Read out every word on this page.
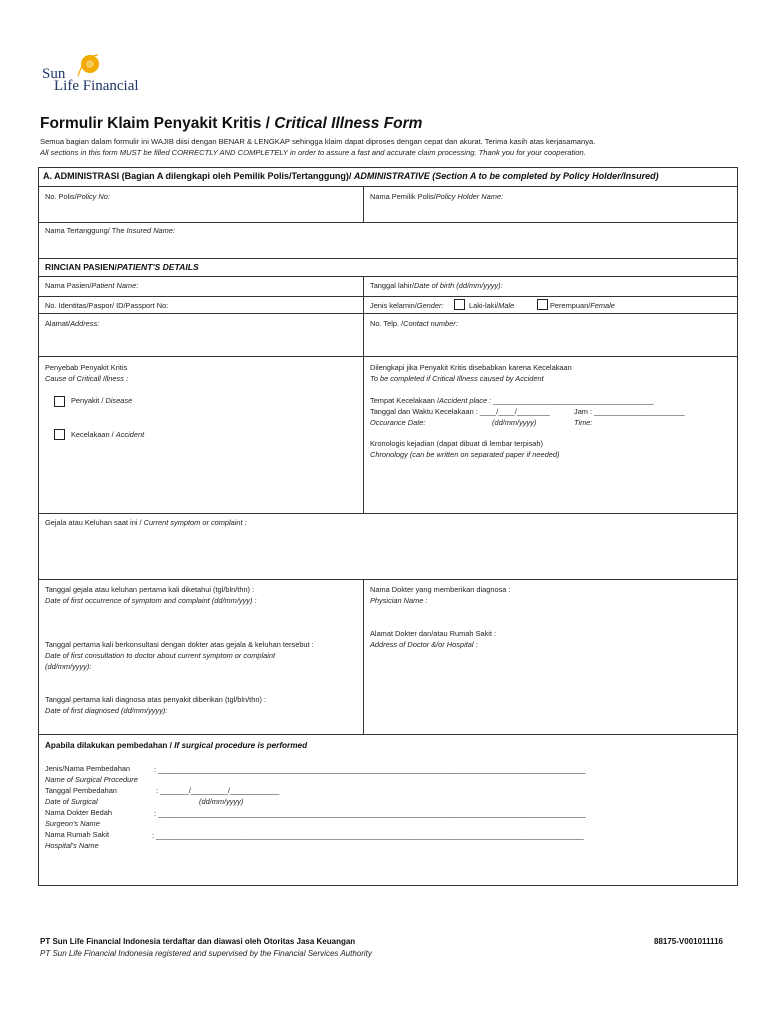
Sun
Life Financial
Formulir Klaim Penyakit Kritis / Critical Illness Form
Semua bagian dalam formulir ini WAJIB diisi dengan BENAR & LENGKAP sehingga klaim dapat diproses dengan cepat dan akurat. Terima kasih atas kerjasamanya.
All sections in this form MUST be filled CORRECTLY AND COMPLETELY in order to assure a fast and accurate claim processing. Thank you for your cooperation.
A. ADMINISTRASI (Bagian A dilengkapi oleh Pemilik Polis/Tertanggung)/ ADMINISTRATIVE (Section A to be completed by Policy Holder/Insured)
No. Polis/Policy No:	Nama Pemilik Polis/Policy Holder Name:
Nama Tertanggung/ The Insured Name:
RINCIAN PASIEN/PATIENT'S DETAILS
Nama Pasien/Patient Name:	Tanggal lahir/Date of birth (dd/mm/yyyy):
No. Identitas/Paspor/ ID/Passport No:	Jenis kelamin/Gender:	Laki-laki/Male	Perempuan/Female
Alamat/Address:	No. Telp. /Contact number:
Penyebab Penyakit Kritis
Cause of Criticall Illness :
Penyakit / Disease
Kecelakaan / Accident
Dilengkapi jika Penyakit Kritis disebabkan karena Kecelakaan
To be completed if Critical Illness caused by Accident
Tempat Kecelakaan /Accident place : _______________________________________
Tanggal dan Waktu Kecelakaan : ____/____/________	Jam : ______________________
Occurance Date:	(dd/mm/yyyy)	Time:
Kronologis kejadian (dapat dibuat di lembar terpisah)
Chronology (can be written on separated paper if needed)
Gejala atau Keluhan saat ini / Current symptom or complaint :
Tanggal gejala atau keluhan pertama kali diketahui (tgl/bln/thn) :
Date of first occurrence of symptom and complaint (dd/mm/yyy) :
Tanggal pertama kali berkonsultasi dengan dokter atas gejala & keluhan tersebut :
Date of first consultation to doctor about current symptom or complaint
(dd/mm/yyyy):
Tanggal pertama kali diagnosa atas penyakit diberikan (tgl/bln/thn) :
Date of first diagnosed (dd/mm/yyyy):
Nama Dokter yang memberikan diagnosa :
Physician Name :
Alamat Dokter dan/atau Rumah Sakit :
Address of Doctor &/or Hospital :
Apabila dilakukan pembedahan / If surgical procedure is performed
Jenis/Nama Pembedahan
Name of Surgical Procedure
: ________________________________________________________________________________________________________
Tanggal Pembedahan
Date of Surgical
: _______/_________/____________
(dd/mm/yyyy)
Nama Dokter Bedah
Surgeon's Name
: ________________________________________________________________________________________________________
Nama Rumah Sakit
Hospital's Name
: ________________________________________________________________________________________________________
PT Sun Life Financial Indonesia terdaftar dan diawasi oleh Otoritas Jasa Keuangan
PT Sun Life Financial Indonesia registered and supervised by the Financial Services Authority
88175-V001011116
